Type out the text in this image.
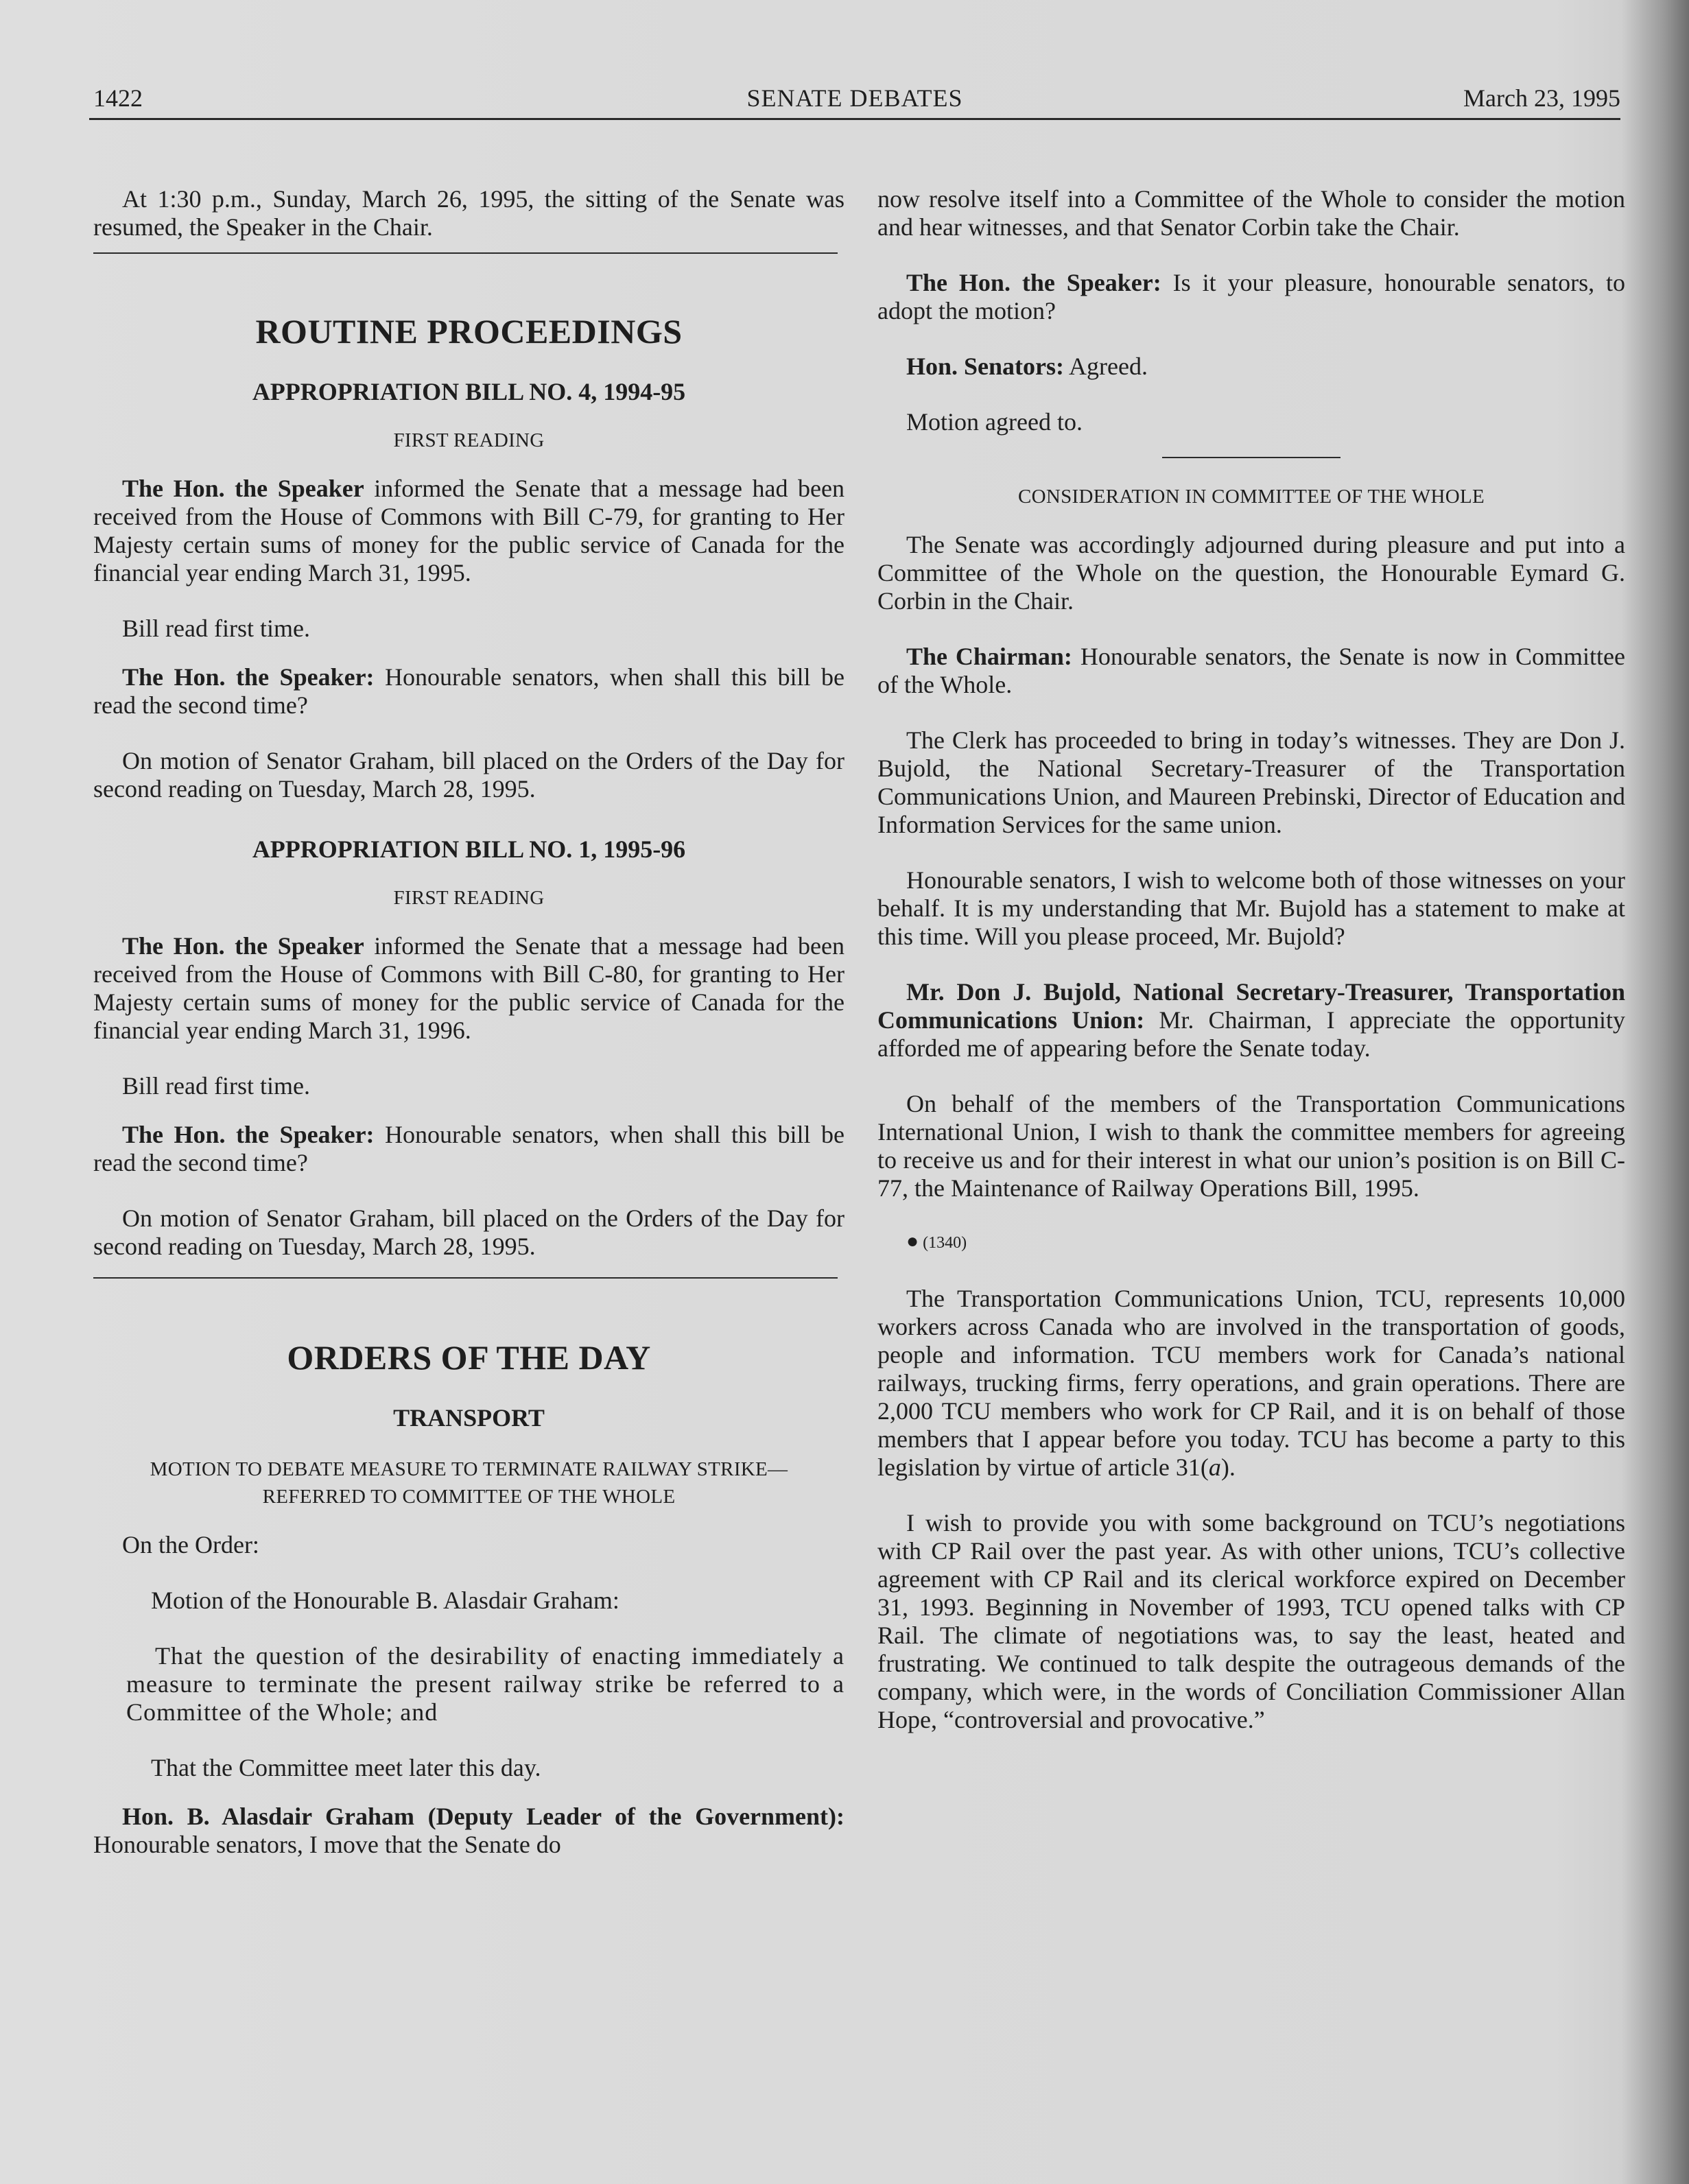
1422	SENATE DEBATES	March 23, 1995

At 1:30 p.m., Sunday, March 26, 1995, the sitting of the Senate was resumed, the Speaker in the Chair.

ROUTINE PROCEEDINGS
APPROPRIATION BILL NO. 4, 1994-95
FIRST READING

The Hon. the Speaker informed the Senate that a message had been received from the House of Commons with Bill C-79, for granting to Her Majesty certain sums of money for the public service of Canada for the financial year ending March 31, 1995.

Bill read first time.

The Hon. the Speaker: Honourable senators, when shall this bill be read the second time?

On motion of Senator Graham, bill placed on the Orders of the Day for second reading on Tuesday, March 28, 1995.

APPROPRIATION BILL NO. 1, 1995-96
FIRST READING

The Hon. the Speaker informed the Senate that a message had been received from the House of Commons with Bill C-80, for granting to Her Majesty certain sums of money for the public service of Canada for the financial year ending March 31, 1996.

Bill read first time.

The Hon. the Speaker: Honourable senators, when shall this bill be read the second time?

On motion of Senator Graham, bill placed on the Orders of the Day for second reading on Tuesday, March 28, 1995.

ORDERS OF THE DAY
TRANSPORT
MOTION TO DEBATE MEASURE TO TERMINATE RAILWAY STRIKE—
REFERRED TO COMMITTEE OF THE WHOLE

On the Order:

Motion of the Honourable B. Alasdair Graham:

That the question of the desirability of enacting immediately a measure to terminate the present railway strike be referred to a Committee of the Whole; and

That the Committee meet later this day.

Hon. B. Alasdair Graham (Deputy Leader of the Government): Honourable senators, I move that the Senate do

now resolve itself into a Committee of the Whole to consider the motion and hear witnesses, and that Senator Corbin take the Chair.

The Hon. the Speaker: Is it your pleasure, honourable senators, to adopt the motion?

Hon. Senators: Agreed.

Motion agreed to.

CONSIDERATION IN COMMITTEE OF THE WHOLE

The Senate was accordingly adjourned during pleasure and put into a Committee of the Whole on the question, the Honourable Eymard G. Corbin in the Chair.

The Chairman: Honourable senators, the Senate is now in Committee of the Whole.

The Clerk has proceeded to bring in today’s witnesses. They are Don J. Bujold, the National Secretary-Treasurer of the Transportation Communications Union, and Maureen Prebinski, Director of Education and Information Services for the same union.

Honourable senators, I wish to welcome both of those witnesses on your behalf. It is my understanding that Mr. Bujold has a statement to make at this time. Will you please proceed, Mr. Bujold?

Mr. Don J. Bujold, National Secretary-Treasurer, Transportation Communications Union: Mr. Chairman, I appreciate the opportunity afforded me of appearing before the Senate today.

On behalf of the members of the Transportation Communications International Union, I wish to thank the committee members for agreeing to receive us and for their interest in what our union’s position is on Bill C-77, the Maintenance of Railway Operations Bill, 1995.

● (1340)

The Transportation Communications Union, TCU, represents 10,000 workers across Canada who are involved in the transportation of goods, people and information. TCU members work for Canada’s national railways, trucking firms, ferry operations, and grain operations. There are 2,000 TCU members who work for CP Rail, and it is on behalf of those members that I appear before you today. TCU has become a party to this legislation by virtue of article 31(a).

I wish to provide you with some background on TCU’s negotiations with CP Rail over the past year. As with other unions, TCU’s collective agreement with CP Rail and its clerical workforce expired on December 31, 1993. Beginning in November of 1993, TCU opened talks with CP Rail. The climate of negotiations was, to say the least, heated and frustrating. We continued to talk despite the outrageous demands of the company, which were, in the words of Conciliation Commissioner Allan Hope, “controversial and provocative.”
